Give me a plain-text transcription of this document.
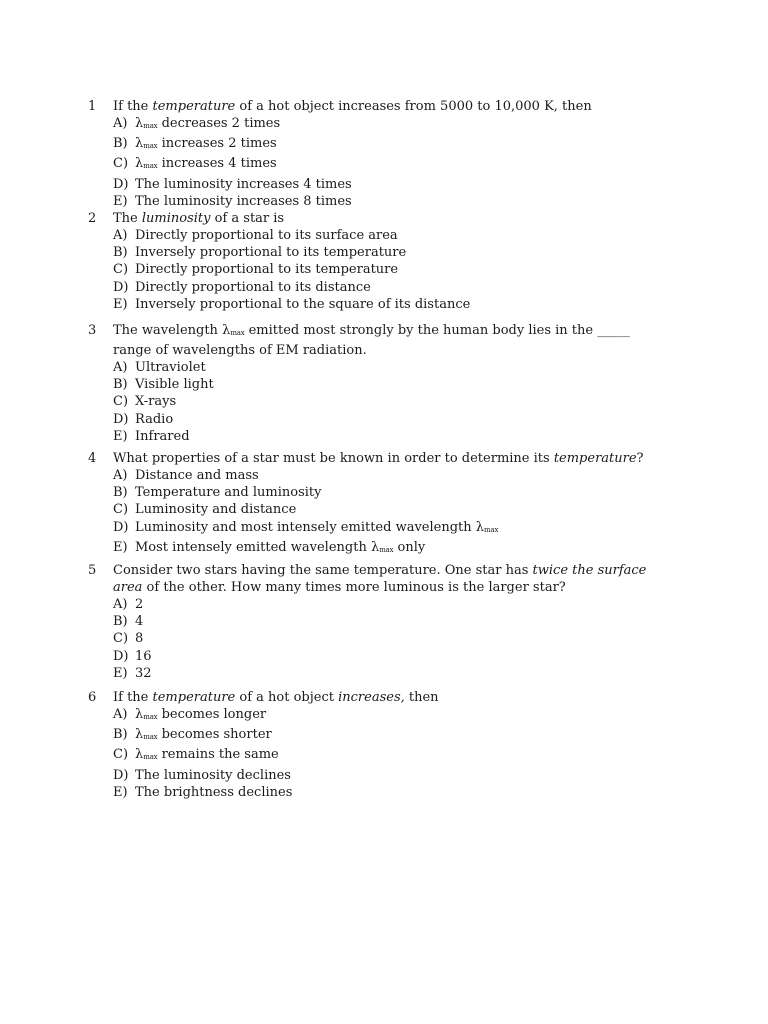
1 If the temperature of a hot object increases from 5000 to 10,000 K, then
A) λmax decreases 2 times
B) λmax increases 2 times
C) λmax increases 4 times
D) The luminosity increases 4 times
E) The luminosity increases 8 times
2 The luminosity of a star is
A) Directly proportional to its surface area
B) Inversely proportional to its temperature
C) Directly proportional to its temperature
D) Directly proportional to its distance
E) Inversely proportional to the square of its distance
3 The wavelength λmax emitted most strongly by the human body lies in the _____ range of wavelengths of EM radiation.
A) Ultraviolet
B) Visible light
C) X-rays
D) Radio
E) Infrared
4 What properties of a star must be known in order to determine its temperature?
A) Distance and mass
B) Temperature and luminosity
C) Luminosity and distance
D) Luminosity and most intensely emitted wavelength λmax
E) Most intensely emitted wavelength λmax only
5 Consider two stars having the same temperature. One star has twice the surface area of the other. How many times more luminous is the larger star?
A) 2
B) 4
C) 8
D) 16
E) 32
6 If the temperature of a hot object increases, then
A) λmax becomes longer
B) λmax becomes shorter
C) λmax remains the same
D) The luminosity declines
E) The brightness declines
